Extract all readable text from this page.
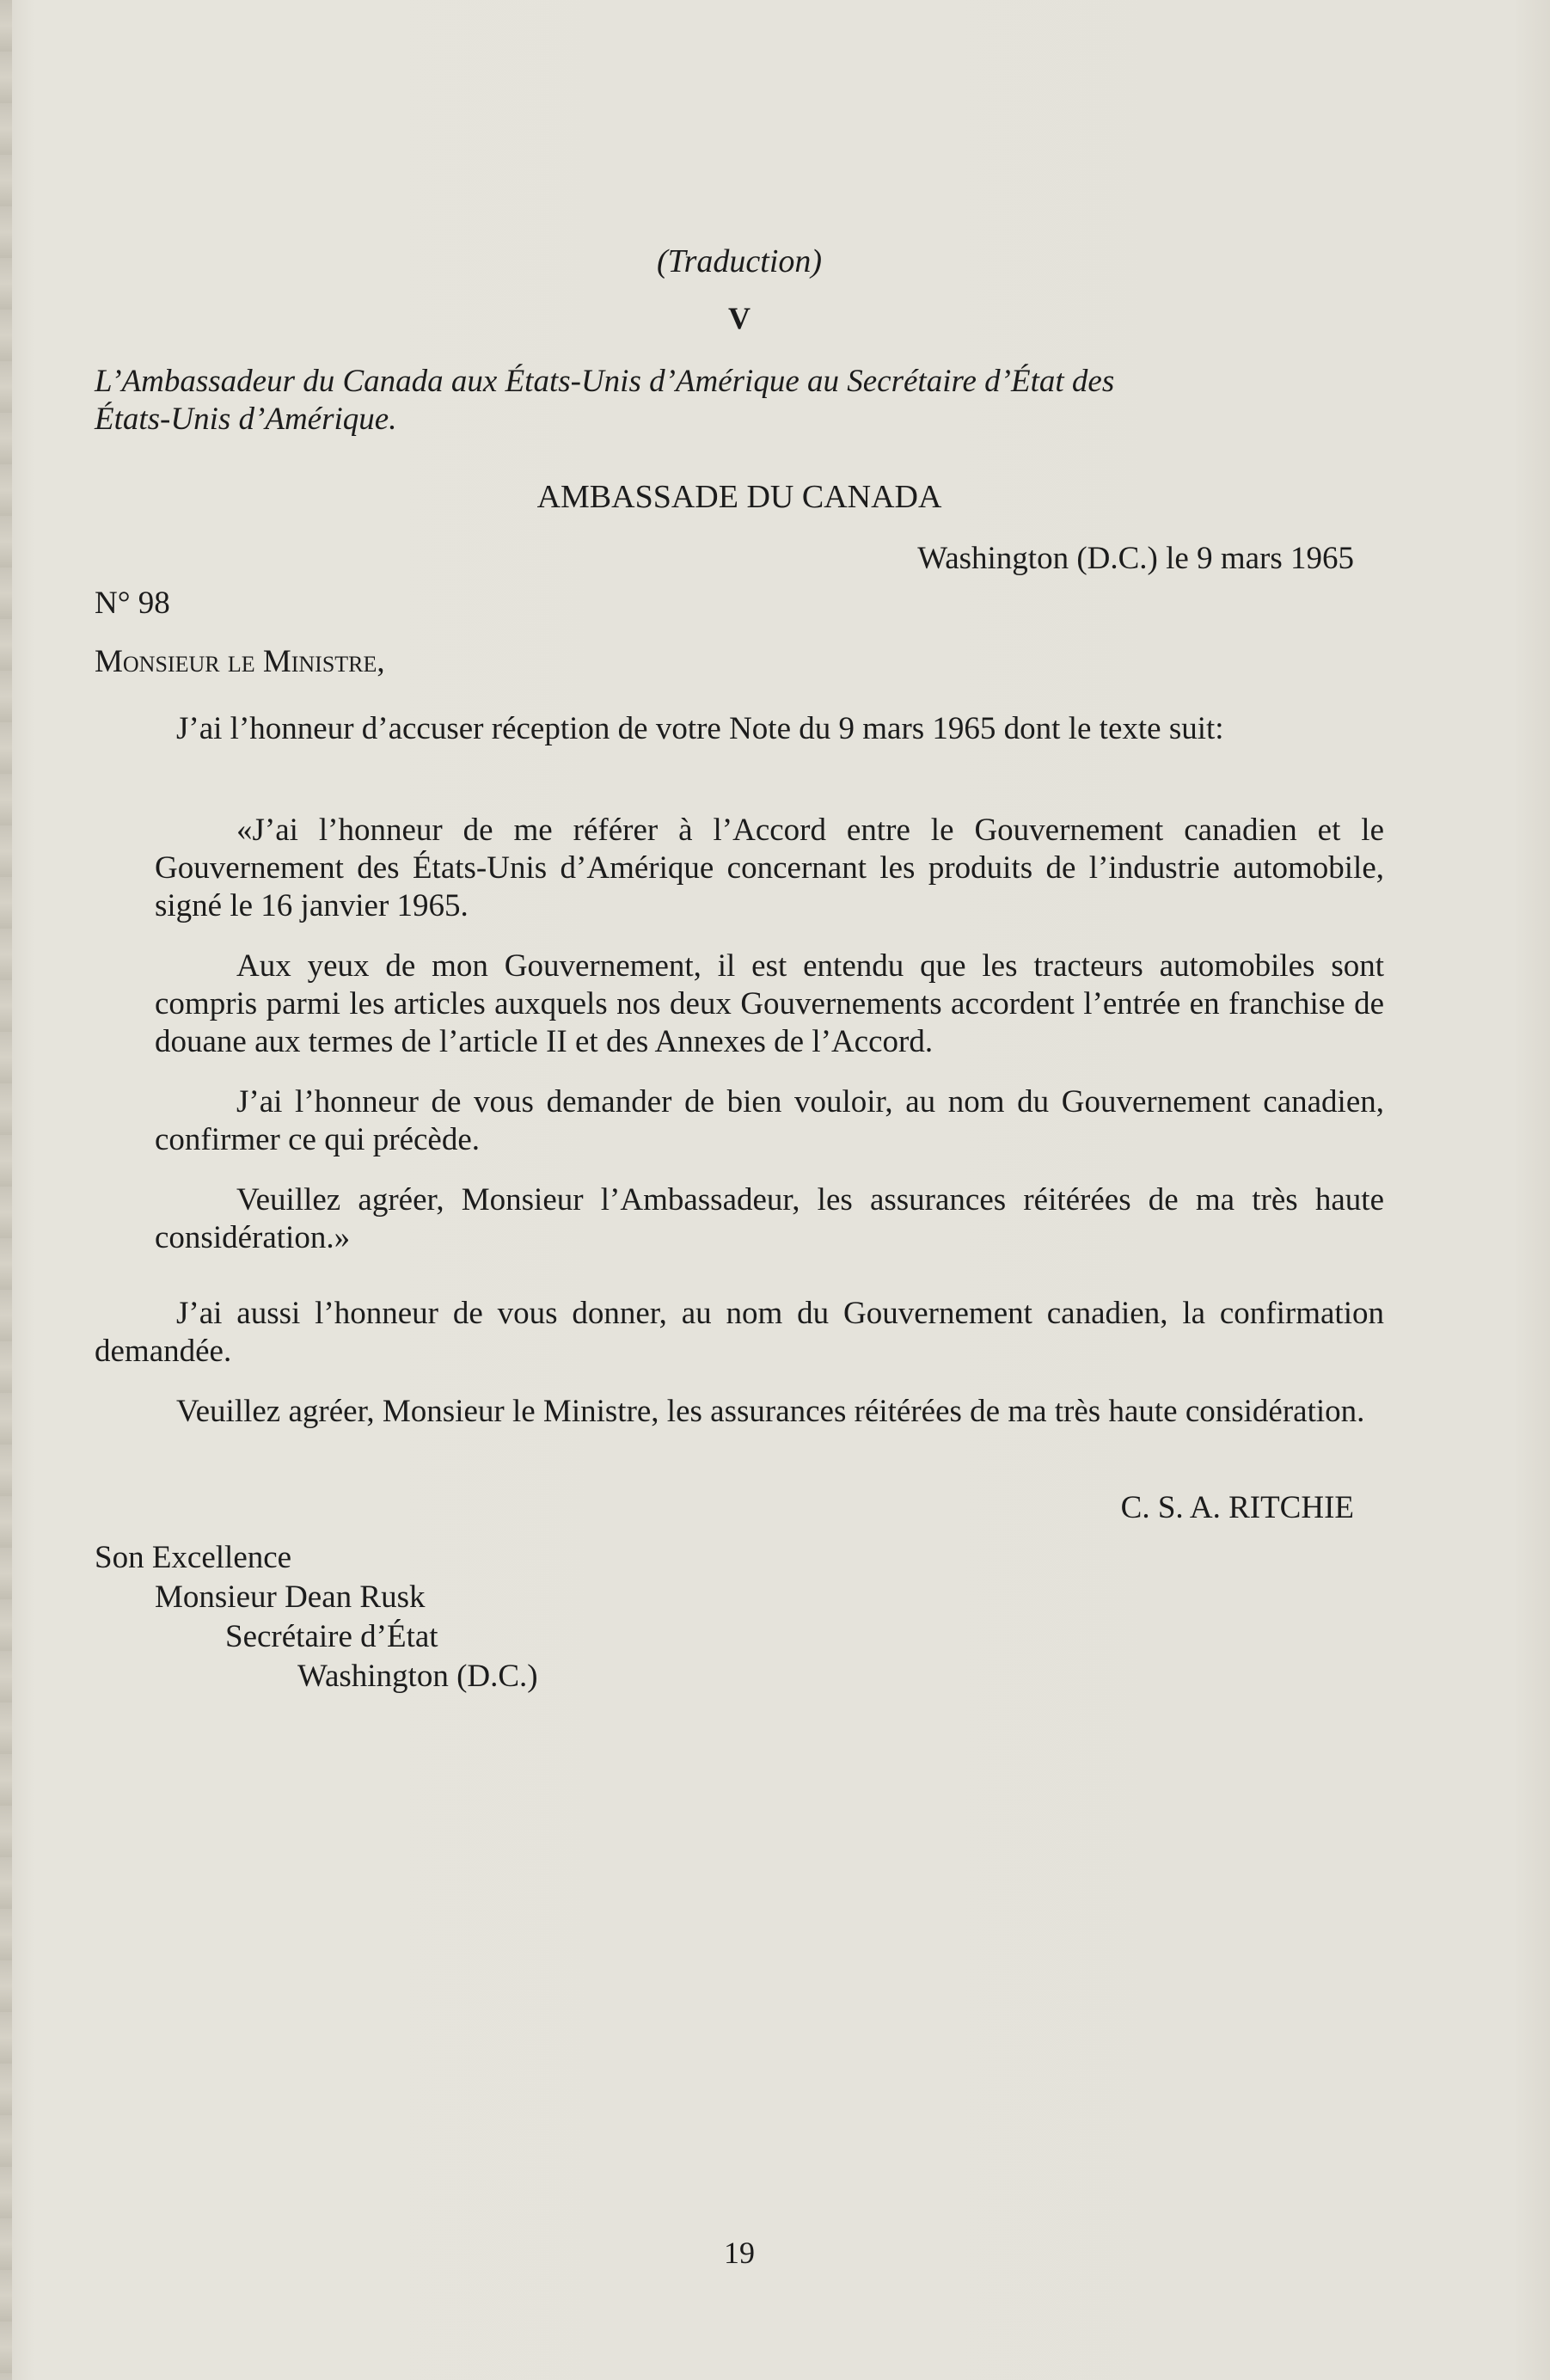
(Traduction)
V

L’Ambassadeur du Canada aux États-Unis d’Amérique au Secrétaire d’État des

États-Unis d’Amérique.

AMBASSADE DU CANADA
Washington (D.C.) le 9 mars 1965
N° 98
Monsieur le Ministre,

J’ai l’honneur d’accuser réception de votre Note du 9 mars 1965 dont le texte suit:

«J’ai l’honneur de me référer à l’Accord entre le Gouvernement canadien et le Gouvernement des États-Unis d’Amérique concernant les produits de l’industrie automobile, signé le 16 janvier 1965.

Aux yeux de mon Gouvernement, il est entendu que les tracteurs automobiles sont compris parmi les articles auxquels nos deux Gouvernements accordent l’entrée en franchise de douane aux termes de l’article II et des Annexes de l’Accord.

J’ai l’honneur de vous demander de bien vouloir, au nom du Gouvernement canadien, confirmer ce qui précède.

Veuillez agréer, Monsieur l’Ambassadeur, les assurances réitérées de ma très haute considération.»

J’ai aussi l’honneur de vous donner, au nom du Gouvernement canadien, la confirmation demandée.

Veuillez agréer, Monsieur le Ministre, les assurances réitérées de ma très haute considération.

C. S. A. RITCHIE
Son Excellence
Monsieur Dean Rusk
Secrétaire d’État
Washington (D.C.)
19
